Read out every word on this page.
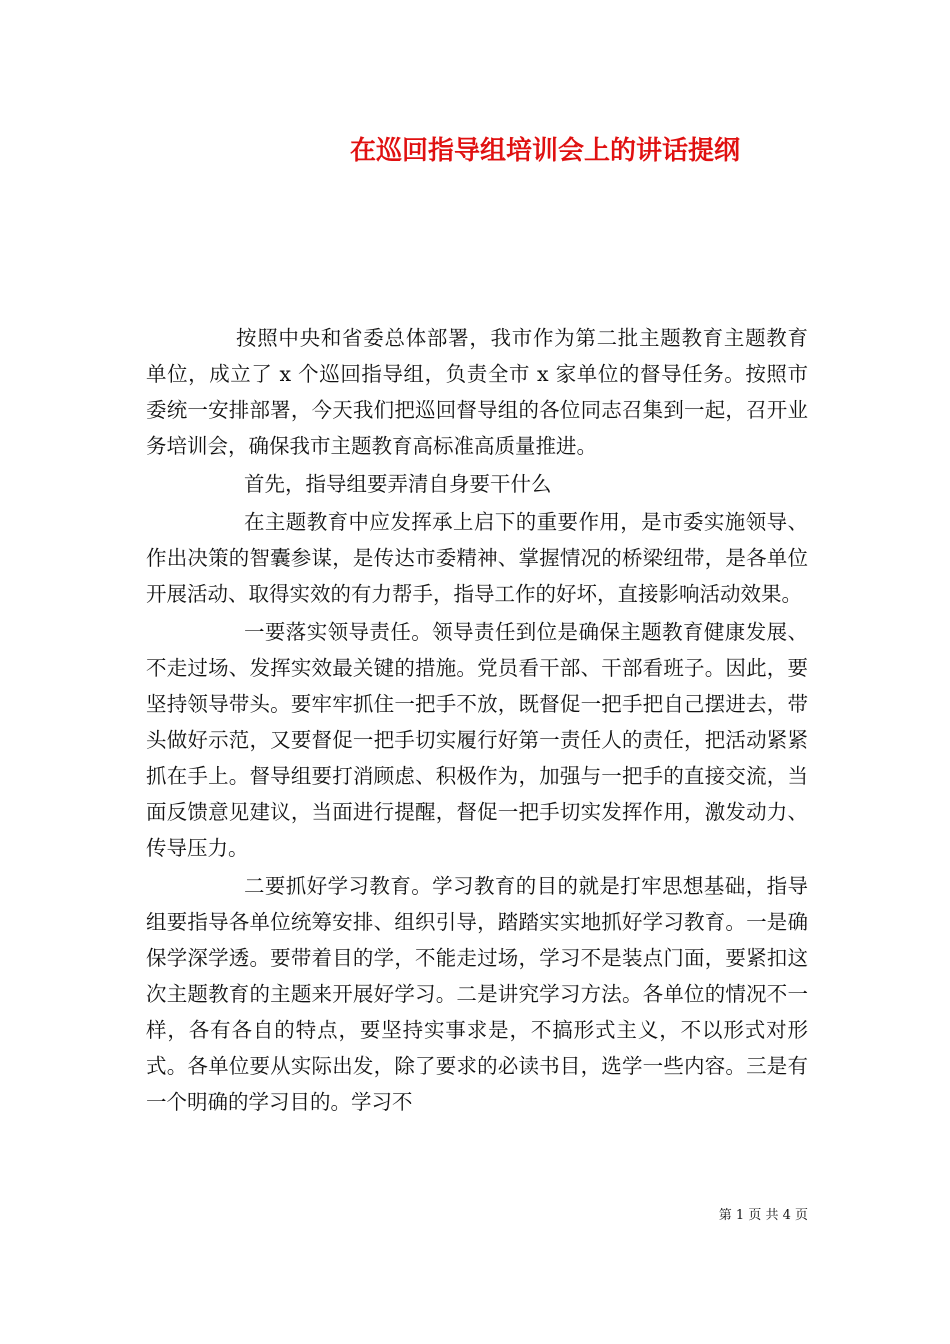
在巡回指导组培训会上的讲话提纲

按照中央和省委总体部署，我市作为第二批主题教育主题教育单位，成立了 x 个巡回指导组，负责全市 x 家单位的督导任务。按照市委统一安排部署，今天我们把巡回督导组的各位同志召集到一起，召开业务培训会，确保我市主题教育高标准高质量推进。

首先，指导组要弄清自身要干什么

在主题教育中应发挥承上启下的重要作用，是市委实施领导、作出决策的智囊参谋，是传达市委精神、掌握情况的桥梁纽带，是各单位开展活动、取得实效的有力帮手，指导工作的好坏，直接影响活动效果。

一要落实领导责任。领导责任到位是确保主题教育健康发展、不走过场、发挥实效最关键的措施。党员看干部、干部看班子。因此，要坚持领导带头。要牢牢抓住一把手不放，既督促一把手把自己摆进去，带头做好示范，又要督促一把手切实履行好第一责任人的责任，把活动紧紧抓在手上。督导组要打消顾虑、积极作为，加强与一把手的直接交流，当面反馈意见建议，当面进行提醒，督促一把手切实发挥作用，激发动力、传导压力。

二要抓好学习教育。学习教育的目的就是打牢思想基础，指导组要指导各单位统筹安排、组织引导，踏踏实实地抓好学习教育。一是确保学深学透。要带着目的学，不能走过场，学习不是装点门面，要紧扣这次主题教育的主题来开展好学习。二是讲究学习方法。各单位的情况不一样，各有各自的特点，要坚持实事求是，不搞形式主义，不以形式对形式。各单位要从实际出发，除了要求的必读书目，选学一些内容。三是有一个明确的学习目的。学习不

第 1 页 共 4 页
